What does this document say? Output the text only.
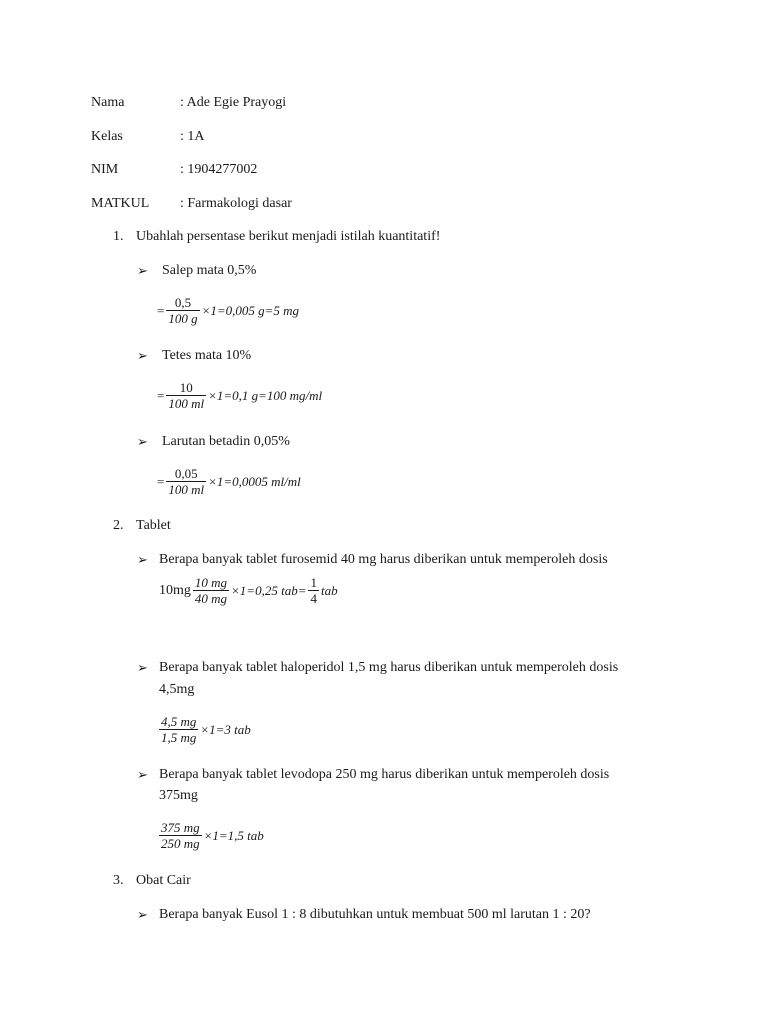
Nama	: Ade Egie Prayogi
Kelas	: 1A
NIM	: 1904277002
MATKUL : Farmakologi dasar
1. Ubahlah persentase berikut menjadi istilah kuantitatif!
➢ Salep mata 0,5%
= $\frac{0,5}{100 g} \times 1=0,005$ g=5 mg
➢ Tetes mata 10%
= $\frac{10}{100 ml} \times 1=0,1$ g=100 mg/ml
➢ Larutan betadin 0,05%
= $\frac{0,05}{100 ml} \times 1=0,0005$ ml/ml
2. Tablet
➢ Berapa banyak tablet furosemid 40 mg harus diberikan untuk memperoleh dosis
$10mg \frac{10 mg}{40 mg} \times 1=0,25$ $tab= \frac{1}{4}$ tab
➢ Berapa banyak tablet haloperidol 1,5 mg harus diberikan untuk memperoleh dosis
4,5mg
$\frac{4,5 mg}{1,5 mg} \times 1=3$ tab
➢ Berapa banyak tablet levodopa 250 mg harus diberikan untuk memperoleh dosis
375mg
$\frac{375 mg}{250 mg} \times 1=1,5$ tab
3. Obat Cair
➢ Berapa banyak Eusol 1 : 8 dibutuhkan untuk membuat 500 ml larutan 1 : 20?
